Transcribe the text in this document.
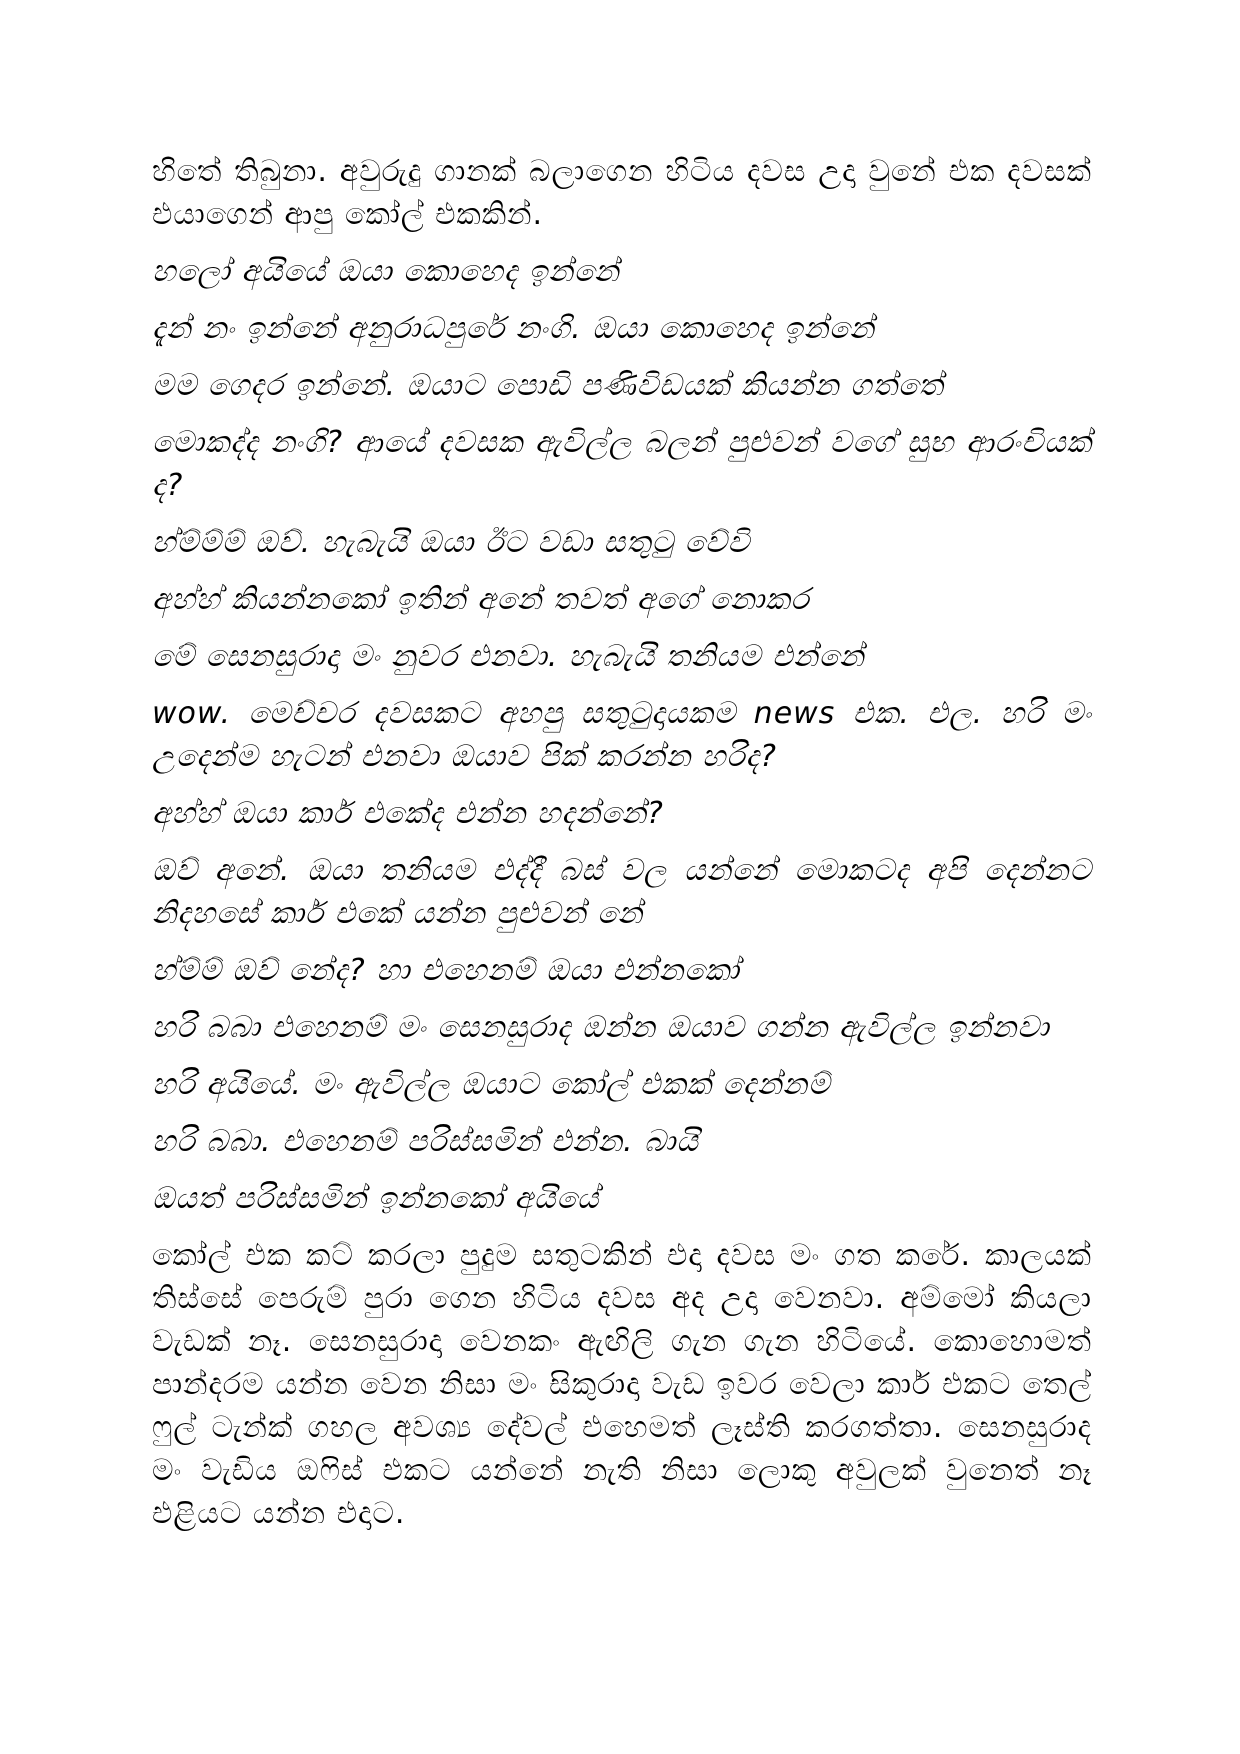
හිතේ තිබුනා. අවුරුදු ගානක් බලාගෙන හිටිය දවස උදා වුනේ එක දවසක් එයාගෙන් ආපු කෝල් එකකින්.

හලෝ අයියේ ඔයා කොහෙද ඉන්නේ

දැන් නං ඉන්නේ අනුරාධපුරේ නංගි. ඔයා කොහෙද ඉන්නේ

මම ගෙදර ඉන්නේ. ඔයාට පොඩි පණිවිඩයක් කියන්න ගත්තේ

මොකද්ද නංගි? ආයේ දවසක ඇවිල්ල බලන් පුළුවන් වගේ සුභ ආරංචියක් ද?

හ්ම්ම්ම් ඔව්. හැබැයි ඔයා ඊට වඩා සතුටු වේවි

අහ්හ් කියන්නකෝ ඉතින් අනේ තවත් අගේ නොකර

මේ සෙනසුරාදා මං නුවර එනවා. හැබැයි තනියම එන්නේ

wow. මෙච්චර දවසකට අහපු සතුටුදායකම news එක. එල. හරි මං උදෙන්ම හැටන් එනවා ඔයාව පික් කරන්න හරිද?

අහ්හ් ඔයා කාර් එකේද එන්න හදන්නේ?

ඔව් අනේ. ඔයා තනියම එද්දී බස් වල යන්නේ මොකටද අපි දෙන්නට නිදහසේ කාර් එකේ යන්න පුළුවන් නේ

හ්ම්ම් ඔව් නේද? හා එහෙනම් ඔයා එන්නකෝ

හරි බබා එහෙනම් මං සෙනසුරාද ඔන්න ඔයාව ගන්න ඇවිල්ල ඉන්නවා

හරි අයියේ. මං ඇවිල්ල ඔයාට කෝල් එකක් දෙන්නම්

හරි බබා. එහෙනම් පරිස්සමින් එන්න. බායි

ඔයත් පරිස්සමින් ඉන්නකෝ අයියේ

කෝල් එක කට් කරලා පුදුම සතුටකින් එදා දවස මං ගත කරේ. කාලයක් තිස්සේ පෙරුම් පුරා ගෙන හිටිය දවස අද උදා වෙනවා. අම්මෝ කියලා වැඩක් නෑ. සෙනසුරාදා වෙනකං ඇඟිලි ගැන ගැන හිටියේ. කොහොමත් පාන්දරම යන්න වෙන නිසා මං සිකුරාදා වැඩ ඉවර වෙලා කාර් එකට තෙල් ෆුල් ටැන්ක් ගහල අවශ්‍ය දේවල් එහෙමත් ලෑස්ති කරගත්තා. සෙනසුරාද මං වැඩිය ඔෆිස් එකට යන්නේ නැති නිසා ලොකු අවුලක් වුනෙත් නෑ එළියට යන්න එදාට.
